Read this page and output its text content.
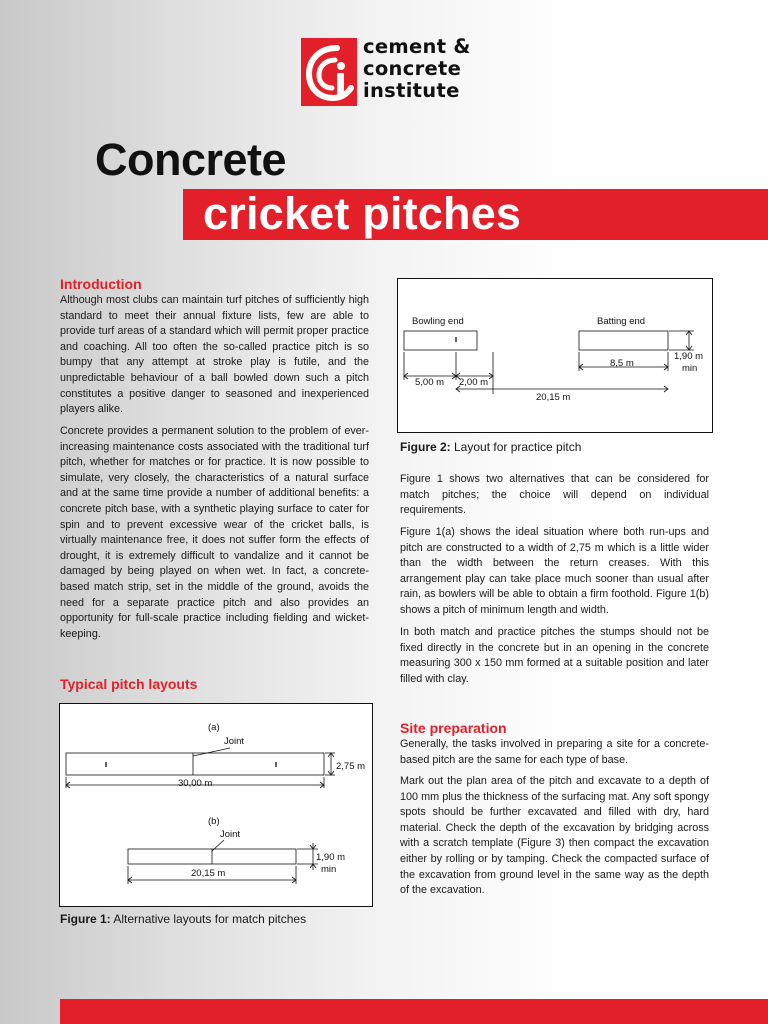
cement &
concrete
institute
Concrete
cricket pitches
Introduction

Although most clubs can maintain turf pitches of sufficiently high standard to meet their annual fixture lists, few are able to provide turf areas of a standard which will permit proper practice and coaching. All too often the so-called practice pitch is so bumpy that any attempt at stroke play is futile, and the unpredictable behaviour of a ball bowled down such a pitch constitutes a positive danger to seasoned and inexperienced players alike.

Concrete provides a permanent solution to the problem of ever-increasing maintenance costs associated with the traditional turf pitch, whether for matches or for practice. It is now possible to simulate, very closely, the characteristics of a natural surface and at the same time provide a number of additional benefits: a concrete pitch base, with a synthetic playing surface to cater for spin and to prevent excessive wear of the cricket balls, is virtually maintenance free, it does not suffer form the effects of drought, it is extremely difficult to vandalize and it cannot be damaged by being played on when wet. In fact, a concrete-based match strip, set in the middle of the ground, avoids the need for a separate practice pitch and also provides an opportunity for full-scale practice including fielding and wicket-keeping.

Typical pitch layouts
(a)
Joint
2,75 m
30,00 m
(b)
Joint
1,90 m
min
20,15 m
Figure 1: Alternative layouts for match pitches
Bowling end	Batting end
1,90 m
min
8,5 m
5,00 m 2,00 m
20,15 m
Figure 2: Layout for practice pitch

Figure 1 shows two alternatives that can be considered for match pitches; the choice will depend on individual requirements.

Figure 1(a) shows the ideal situation where both run-ups and pitch are constructed to a width of 2,75 m which is a little wider than the width between the return creases. With this arrangement play can take place much sooner than usual after rain, as bowlers will be able to obtain a firm foothold. Figure 1(b) shows a pitch of minimum length and width.

In both match and practice pitches the stumps should not be fixed directly in the concrete but in an opening in the concrete measuring 300 x 150 mm formed at a suitable position and later filled with clay.

Site preparation

Generally, the tasks involved in preparing a site for a concrete-based pitch are the same for each type of base.

Mark out the plan area of the pitch and excavate to a depth of 100 mm plus the thickness of the surfacing mat. Any soft spongy spots should be further excavated and filled with dry, hard material. Check the depth of the excavation by bridging across with a scratch template (Figure 3) then compact the excavation either by rolling or by tamping. Check the compacted surface of the excavation from ground level in the same way as the depth of the excavation.
